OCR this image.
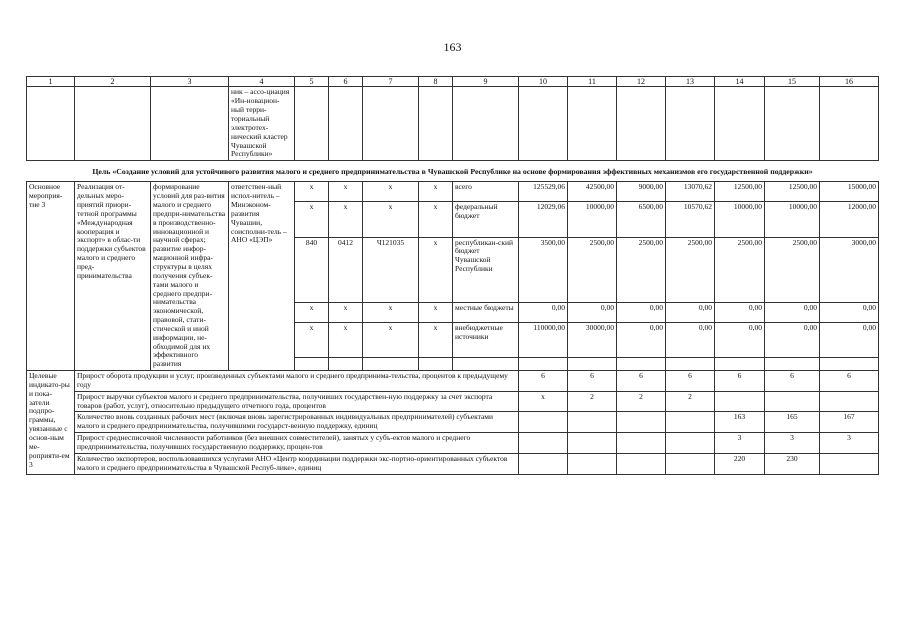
163
1	2	3	4	5	6	7	8	9	10	11	12	13	14	15	16	
			ник – ассо-циация «Ин-новацион-ный терри-ториальный электротех-нический кластер Чувашской Республики»													
Цель «Создание условий для устойчивого развития малого и среднего предпринимательства в Чувашской Республике на основе формирования эффективных механизмов его государственной поддержки»																
Основное мероприя-тие 3	Реализация от-дельных меро-приятий приори-тетной программы «Международная кооперация и экспорт» в облас-ти поддержки субъектов малого и среднего пред-принимательства	формирование условий для раз-вития малого и среднего предпри-нимательства в производственно-инновационной и научной сферах; развитие инфор-мационной инфра-структуры в целях получения субъек-тами малого и среднего предпри-нимательства экономической, правовой, стати-стической и иной информации, не-обходимой для их эффективного развития	ответствен-ный испол-нитель – Минэконом-развития Чувашии, соисполни-тель – АНО «ЦЭП»	x	x	x	x	всего	125529,06	42500,00	9000,00	13070,62	12500,00	12500,00	15000,00	
				x	x	x	x	федеральный бюджет	12029,06	10000,00	6500,00	10570,62	10000,00	10000,00	12000,00	
				840	0412	Ч121035	x	республикан-ский бюджет Чувашской Республики	3500,00	2500,00	2500,00	2500,00	2500,00	2500,00	3000,00	
				x	x	x	x	местные бюджеты	0,00	0,00	0,00	0,00	0,00	0,00	0,00	
				x	x	x	x	внебюджетные источники	110000,00	30000,00	0,00	0,00	0,00	0,00	0,00	

Целевые индикато-ры и пока-затели подпро-граммы, увязанные с основ-ным ме-роприяти-ем 3	Прирост оборота продукции и услуг, произведенных субъектами малого и среднего предпринима-тельства, процентов к предыдущему году								6	6	6	6	6	6	6	
	Прирост выручки субъектов малого и среднего предпринимательства, получивших государствен-ную поддержку за счет экспорта товаров (работ, услуг), относительно предыдущего отчетного года, процентов								x	2	2	2				
	Количество вновь созданных рабочих мест (включая вновь зарегистрированных индивидуальных предпринимателей) субъектами малого и среднего предпринимательства, получившими государст-венную поддержку, единиц												163	165	167	
	Прирост среднесписочной численности работников (без внешних совместителей), занятых у субъ-ектов малого и среднего предпринимательства, получивших государственную поддержку, процен-тов												3	3	3	
	Количество экспортеров, воспользовавшихся услугами АНО «Центр координации поддержки экс-портно-ориентированных субъектов малого и среднего предпринимательства в Чувашской Респуб-лике», единиц												220	230		
